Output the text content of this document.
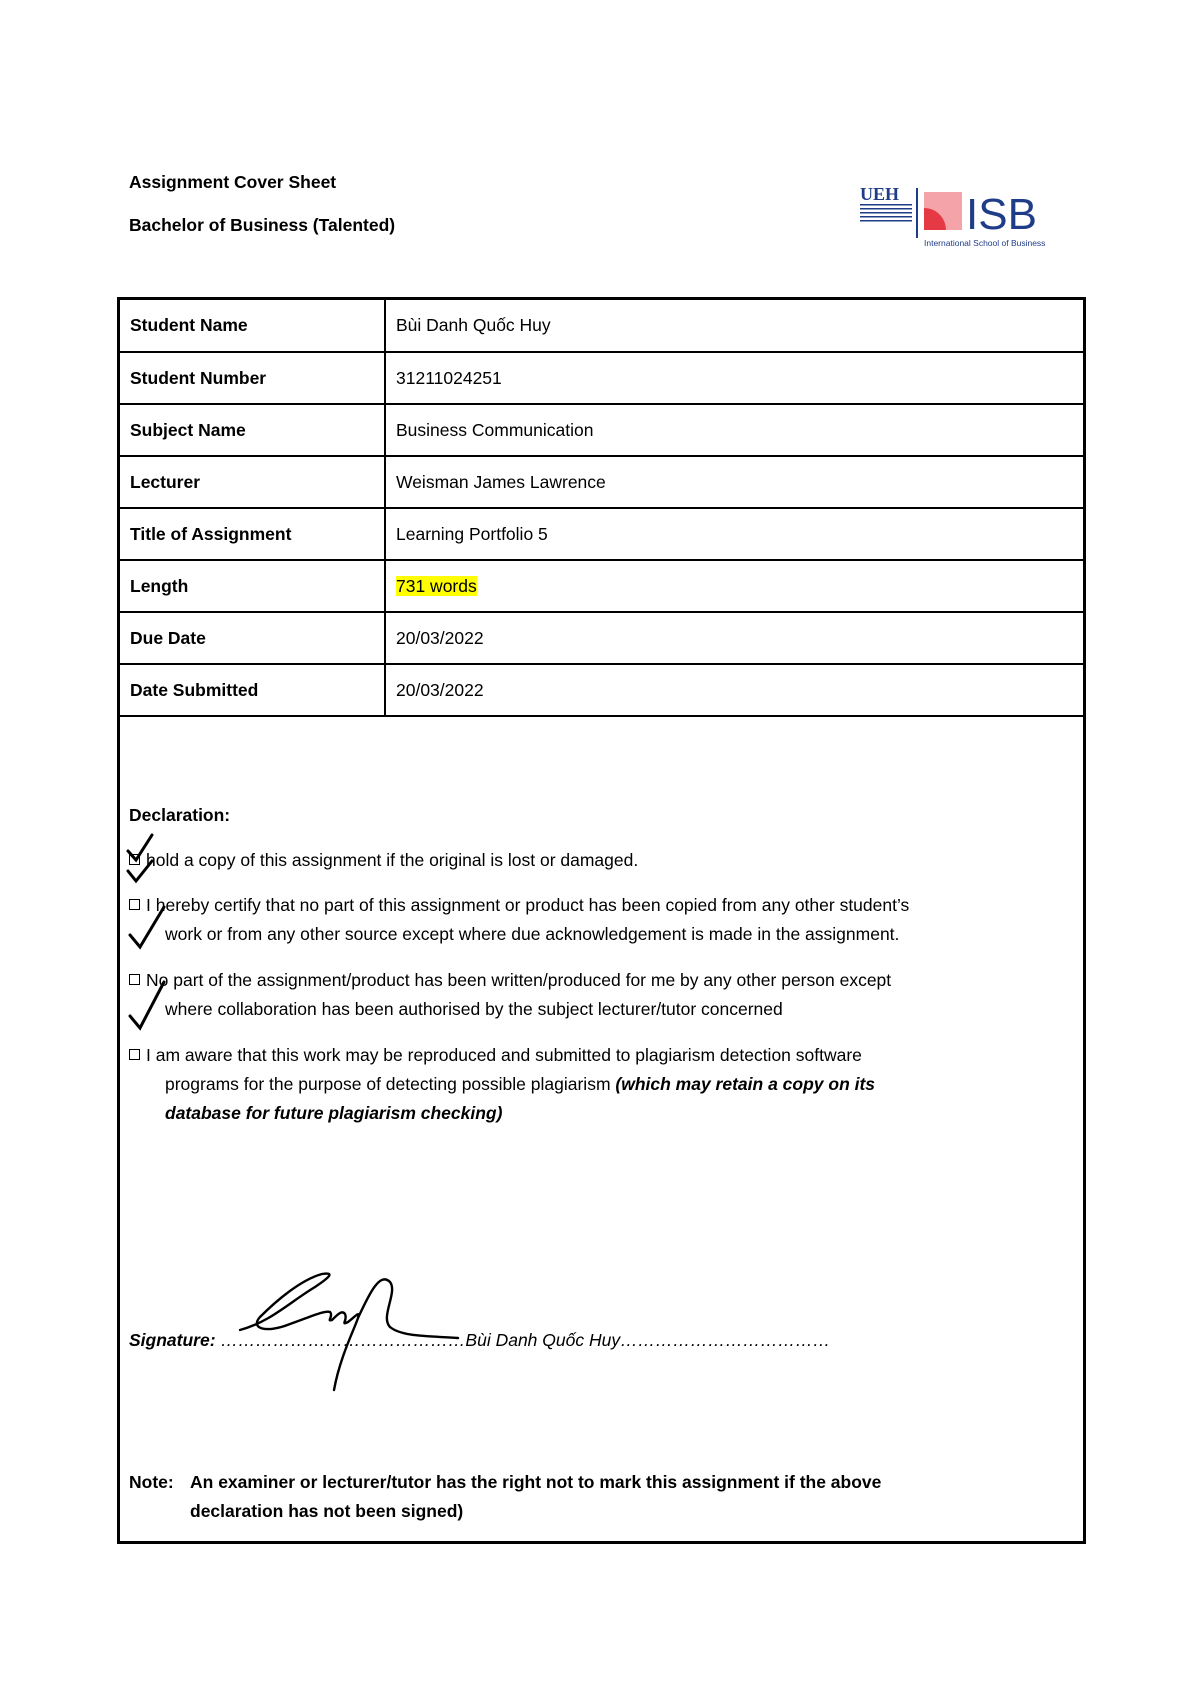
Assignment Cover Sheet
Bachelor of Business (Talented)
UEH ISB
International School of Business
Student Name	Bùi Danh Quốc Huy
Student Number	31211024251
Subject Name	Business Communication
Lecturer	Weisman James Lawrence
Title of Assignment	Learning Portfolio 5
Length	731 words
Due Date	20/03/2022
Date Submitted	20/03/2022
Declaration:
hold a copy of this assignment if the original is lost or damaged.
I hereby certify that no part of this assignment or product has been copied from any other student’s
work or from any other source except where due acknowledgement is made in the assignment.
No part of the assignment/product has been written/produced for me by any other person except
where collaboration has been authorised by the subject lecturer/tutor concerned
I am aware that this work may be reproduced and submitted to plagiarism detection software
programs for the purpose of detecting possible plagiarism (which may retain a copy on its
database for future plagiarism checking)
Signature: ……………………………………Bùi Danh Quốc Huy………………………………
Note: An examiner or lecturer/tutor has the right not to mark this assignment if the above
declaration has not been signed)
